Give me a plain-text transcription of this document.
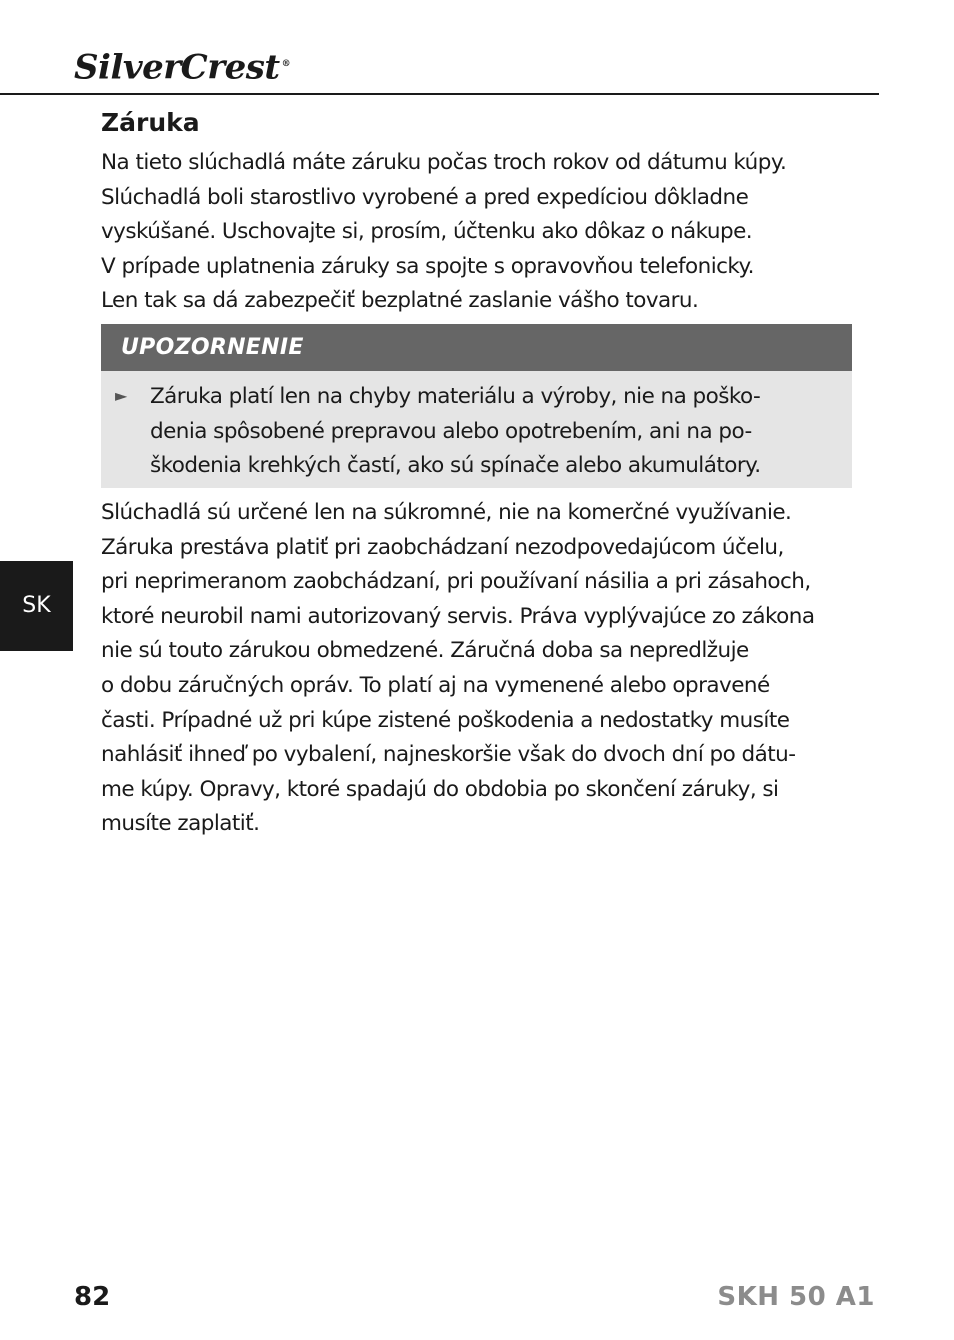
SilverCrest ®
Záruka
Na tieto slúchadlá máte záruku počas troch rokov od dátumu kúpy.
Slúchadlá boli starostlivo vyrobené a pred expedíciou dôkladne
vyskúšané. Uschovajte si, prosím, účtenku ako dôkaz o nákupe.
V prípade uplatnenia záruky sa spojte s opravovňou telefonicky.
Len tak sa dá zabezpečiť bezplatné zaslanie vášho tovaru.
UPOZORNENIE
► Záruka platí len na chyby materiálu a výroby, nie na poško-
denia spôsobené prepravou alebo opotrebením, ani na po-
škodenia krehkých častí, ako sú spínače alebo akumulátory.
Slúchadlá sú určené len na súkromné, nie na komerčné využívanie.
Záruka prestáva platiť pri zaobchádzaní nezodpovedajúcom účelu,
pri neprimeranom zaobchádzaní, pri používaní násilia a pri zásahoch,
ktoré neurobil nami autorizovaný servis. Práva vyplývajúce zo zákona
nie sú touto zárukou obmedzené. Záručná doba sa nepredlžuje
o dobu záručných opráv. To platí aj na vymenené alebo opravené
časti. Prípadné už pri kúpe zistené poškodenia a nedostatky musíte
nahlásiť ihneď po vybalení, najneskoršie však do dvoch dní po dátu-
me kúpy. Opravy, ktoré spadajú do obdobia po skončení záruky, si
musíte zaplatiť.
SK
82	SKH 50 A1
